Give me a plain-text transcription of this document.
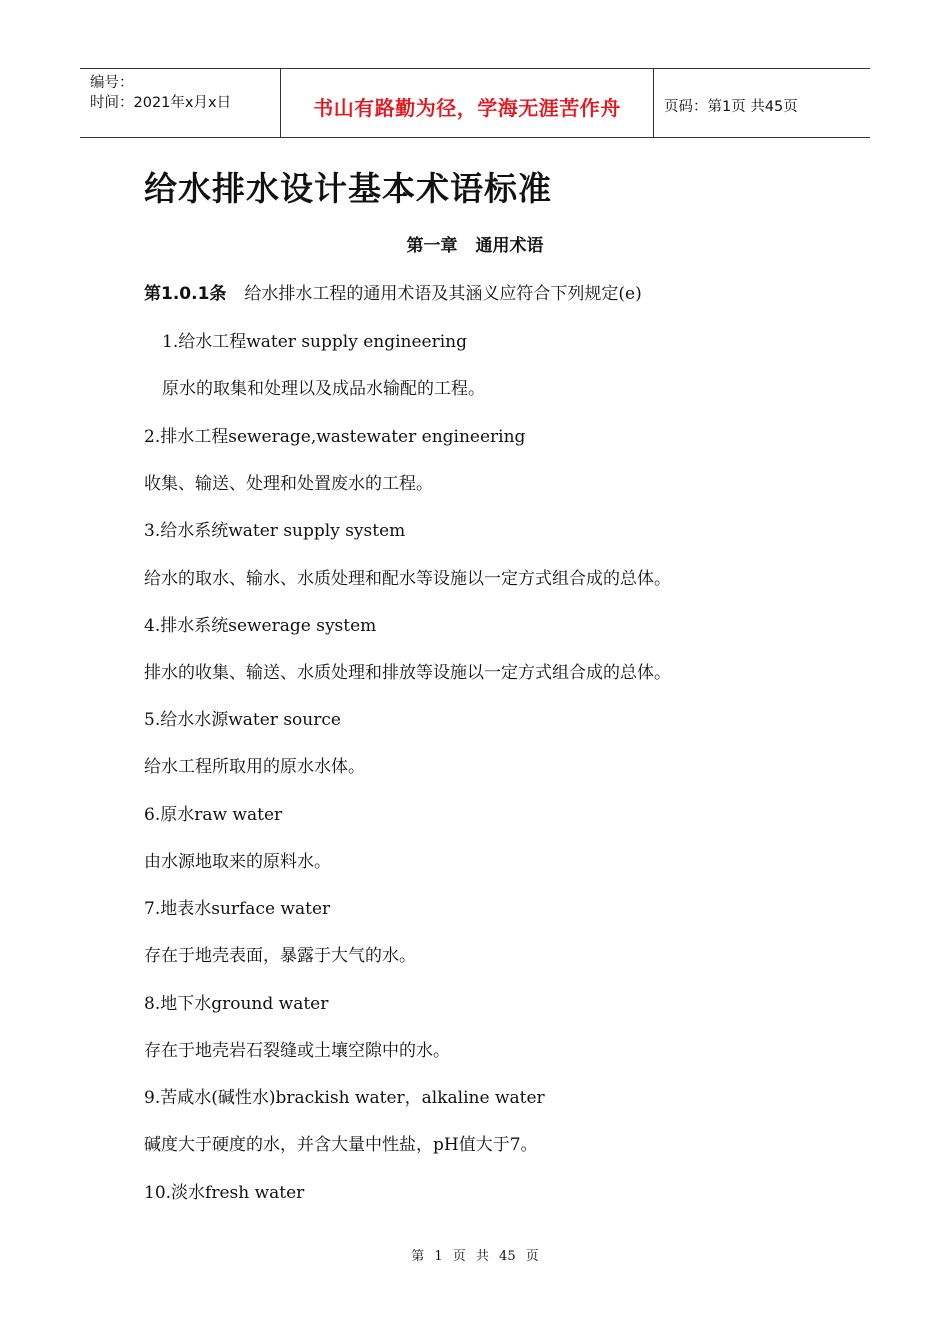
编号：
时间：2021年x月x日	书山有路勤为径，学海无涯苦作舟	页码：第1页 共45页
给水排水设计基本术语标准
第一章 通用术语
第1.0.1条 给水排水工程的通用术语及其涵义应符合下列规定(e)
1.给水工程water supply engineering
原水的取集和处理以及成品水输配的工程。
2.排水工程sewerage,wastewater engineering
收集、输送、处理和处置废水的工程。
3.给水系统water supply system
给水的取水、输水、水质处理和配水等设施以一定方式组合成的总体。
4.排水系统sewerage system
排水的收集、输送、水质处理和排放等设施以一定方式组合成的总体。
5.给水水源water source
给水工程所取用的原水水体。
6.原水raw water
由水源地取来的原料水。
7.地表水surface water
存在于地壳表面，暴露于大气的水。
8.地下水ground water
存在于地壳岩石裂缝或土壤空隙中的水。
9.苦咸水(碱性水)brackish water，alkaline water
碱度大于硬度的水，并含大量中性盐，pH值大于7。
10.淡水fresh water
第 1 页 共 45 页
